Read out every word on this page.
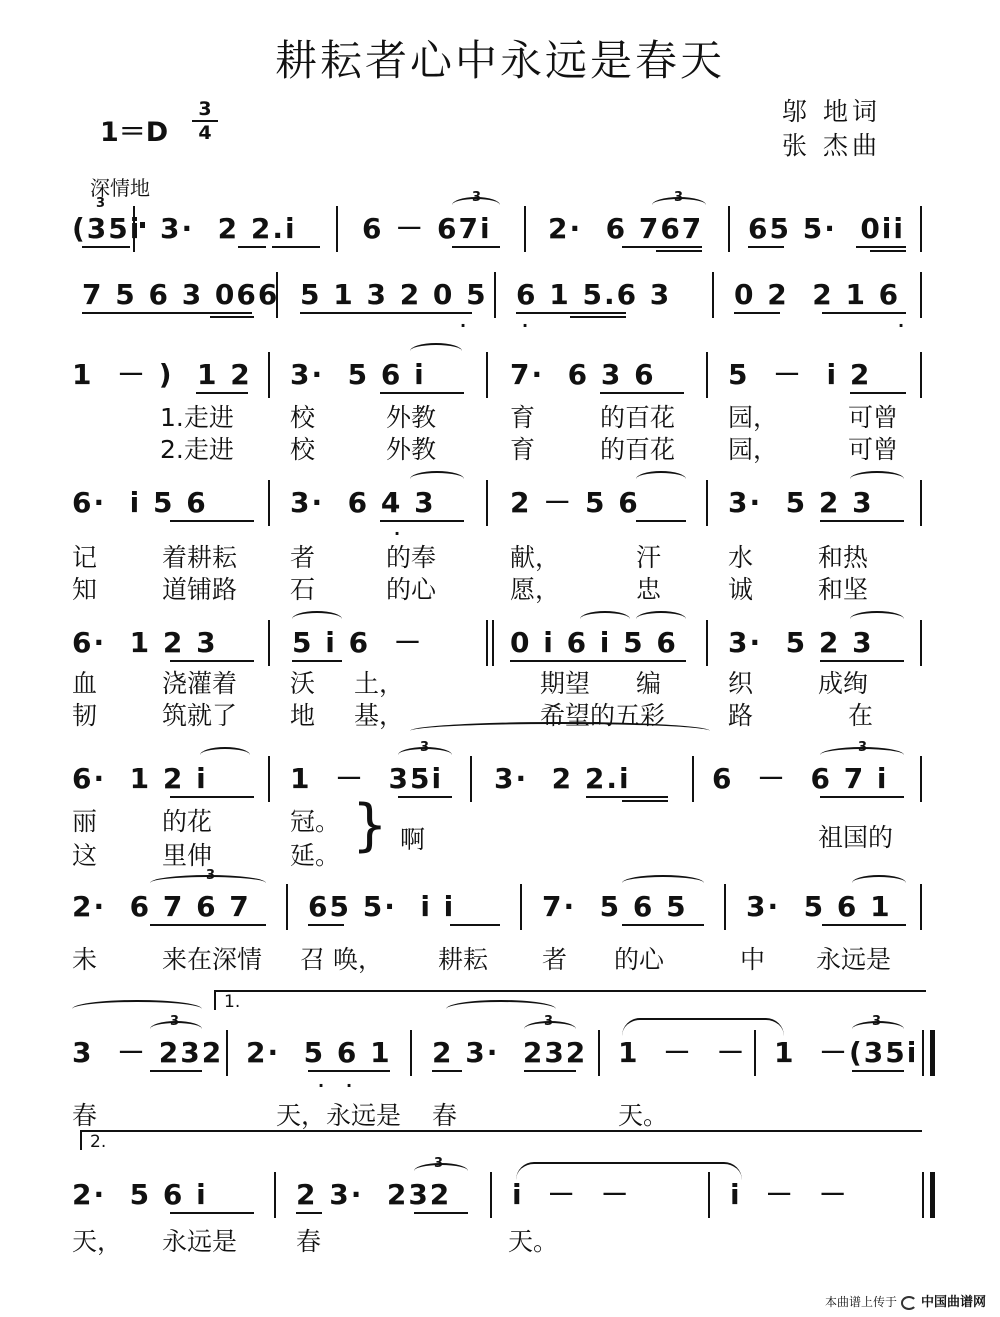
耕耘者心中永远是春天
1＝D
3
4
邬 地词
张 杰曲
深情地
(35i 3·  2 2.i 6 － 67i 2·  6 767 65 5·  0ii
3	3
3
7 5 6 3 066 5 1 3 2 0 5 6 1 5.6 3 0 2  2 1 6
·	·	·
1  － )  1 2 3·  5 6 i	7·  6 3 6	5  －  i 2
1.走进 校	外教	育	的百花 园，	可曾
2.走进 校	外教	育	的百花 园，	可曾
6·  i 5 6	3·  6 4 3	2 － 5 6	3·  5 2 3
·
记	着耕耘 者	的奉	献，	汗	水	和热
知	道铺路 石	的心	愿，	忠	诚	和坚
6·  1 2 3	5 i 6  －	0 i 6 i 5 6 3·  5 2 3
血	浇灌着 沃 土，	期望 编	织	成绚
韧	筑就了 地 基，	希望的五彩	路	在
6·  1 2 i	1  －  35i 3·  2 2.i	6  －  6 7 i
3	3
丽	的花	冠。
这	里伸	延。 } 啊	祖国的
2·  6 7 6 7 65 5·  i i	7·  5 6 5 3·  5 6 1
3
未	来在深情 召 唤， 耕耘 者 的心	中 永远是
1.
3  － 232 2·  5 6 1 2 3·  232 1  －  － 1  －(35i
3	3	3
· ·
春	天，永远是 春	天。
2.
2·  5 6 i	2 3·  232 i  －  －	i  －  －
3
天， 永远是 春	天。
本曲谱上传于 中国曲谱网
